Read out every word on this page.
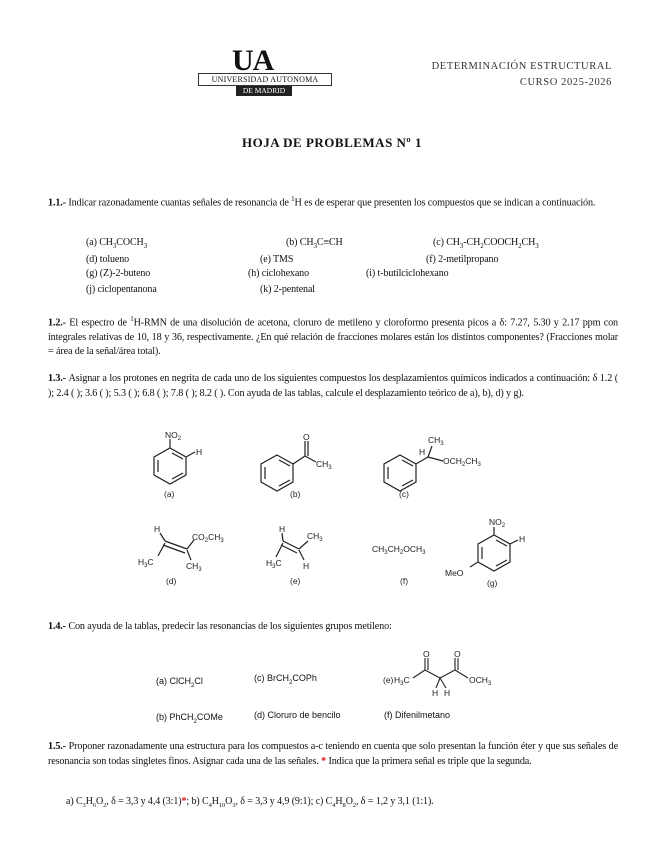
UA
UNIVERSIDAD AUTONOMA
DE MADRID
DETERMINACIÓN ESTRUCTURAL
CURSO 2025-2026
HOJA DE PROBLEMAS Nº 1
1.1.- Indicar razonadamente cuantas señales de resonancia de $^1$H es de esperar que presenten los compuestos que se indican a continuación.
(a) $CH_3COCH_3$	(b) $CH_3C\equiv CH$	(c) $CH_3-CH_2COOCH_2CH_3$
(d) tolueno	(e) TMS	(f) 2-metilpropano
(g) (Z)-2-buteno	(h) ciclohexano	(i) t-butilciclohexano
(j) ciclopentanona	(k) 2-pentenal
1.2.- El espectro de $^1$H-RMN de una disolución de acetona, cloruro de metileno y cloroformo presenta picos a δ: 7.27, 5.30 y 2.17 ppm con integrales relativas de 10, 18 y 36, respectivamente. ¿En qué relación de fracciones molares están los distintos componentes? (Fracciones molar = área de la señal/área total).
1.3.- Asignar a los protones en negrita de cada uno de los siguientes compuestos los desplazamientos químicos indicados a continuación: δ 1.2 ( ); 2.4 ( ); 3.6 ( ); 5.3 ( ); 6.8 ( ); 7.8 ( ); 8.2 ( ). Con ayuda de las tablas, calcule el desplazamiento teórico de a), b), d) y g).
$NO_2$
H
(a)
O
$CH_3$
(b)
$CH_3$
H
$OCH_2CH_3$
(c)
H
$CO_2CH_3$
$H_3C$	$CH_3$
(d)
H
$CH_3$
$H_3C$	H
(e)
$CH_3CH_2OCH_3$
(f)
$NO_2$
H
MeO
(g)
1.4.- Con ayuda de la tablas, predecir las resonancias de los siguientes grupos metileno:
(a) ClCH$_2$Cl	(c) BrCH$_2$COPh
(b) PhCH$_2$COMe	(d) Cloruro de bencilo	(f) Difenilmetano
(e) $H_3C$
O	O
$OCH_3$
H H
1.5.- Proponer razonadamente una estructura para los compuestos a-c teniendo en cuenta que solo presentan la función éter y que sus señales de resonancia son todas singletes finos. Asignar cada una de las señales. * Indica que la primera señal es triple que la segunda.
a) $C_3H_6O_2$, δ = 3,3 y 4,4 (3:1)*; b) $C_4H_{10}O_3$, δ = 3,3 y 4,9 (9:1); c) $C_4H_8O_2$, δ = 1,2 y 3,1 (1:1).
